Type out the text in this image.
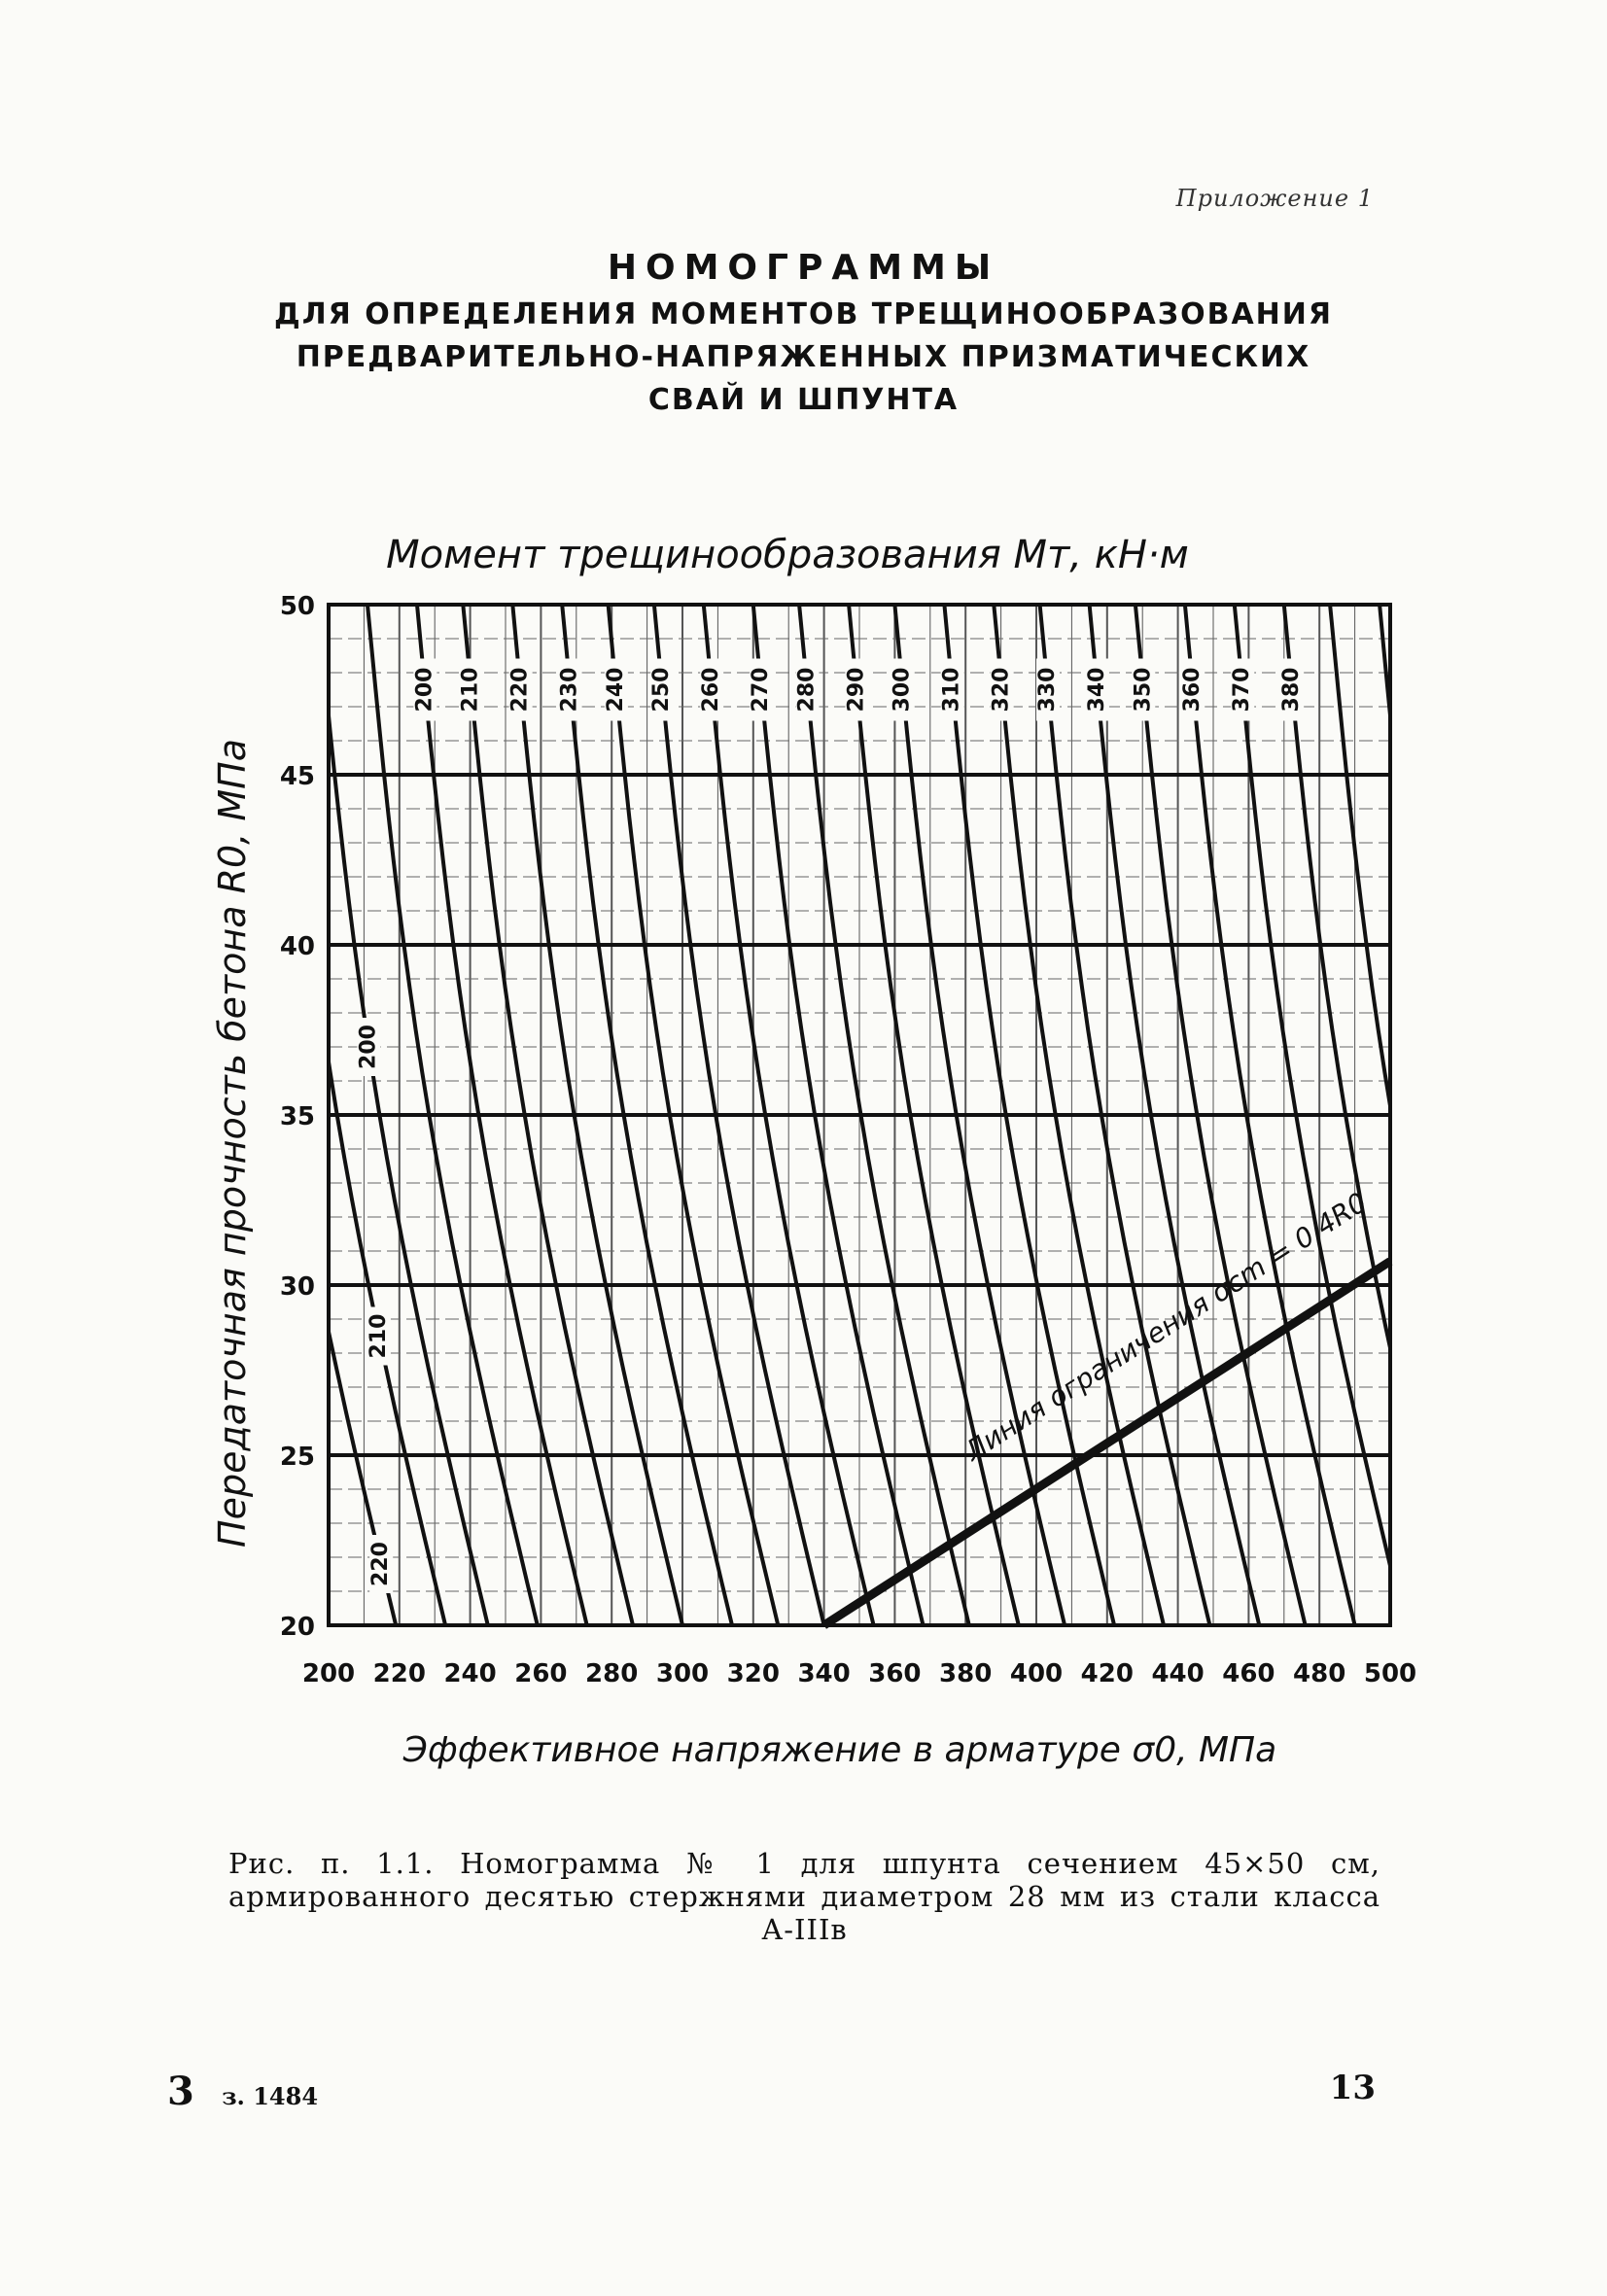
Приложение 1
НОМОГРАММЫ
ДЛЯ ОПРЕДЕЛЕНИЯ МОМЕНТОВ ТРЕЩИНООБРАЗОВАНИЯ
ПРЕДВАРИТЕЛЬНО-НАПРЯЖЕННЫХ ПРИЗМАТИЧЕСКИХ
СВАЙ И ШПУНТА
Момент трещинообразования Mт, кН·м
200 210 220 230 240 250 260 270 280 290 300 310 320 330 340 350 360 370 380
200
210
220
Линия ограничения σcm = 0,4R0
200 220 240 260 280 300 320 340 360 380 400 420 440 460 480 500
20
25
30
35
40
45
50
Эффективное напряжение в арматуре σ0, МПа
Передаточная прочность бетона R0, МПа
Рис. п. 1.1. Номограмма № 1 для шпунта сечением 45×50 см, армированного десятью стержнями диаметром 28 мм из стали класса А-IIIв
3 з. 1484	13
